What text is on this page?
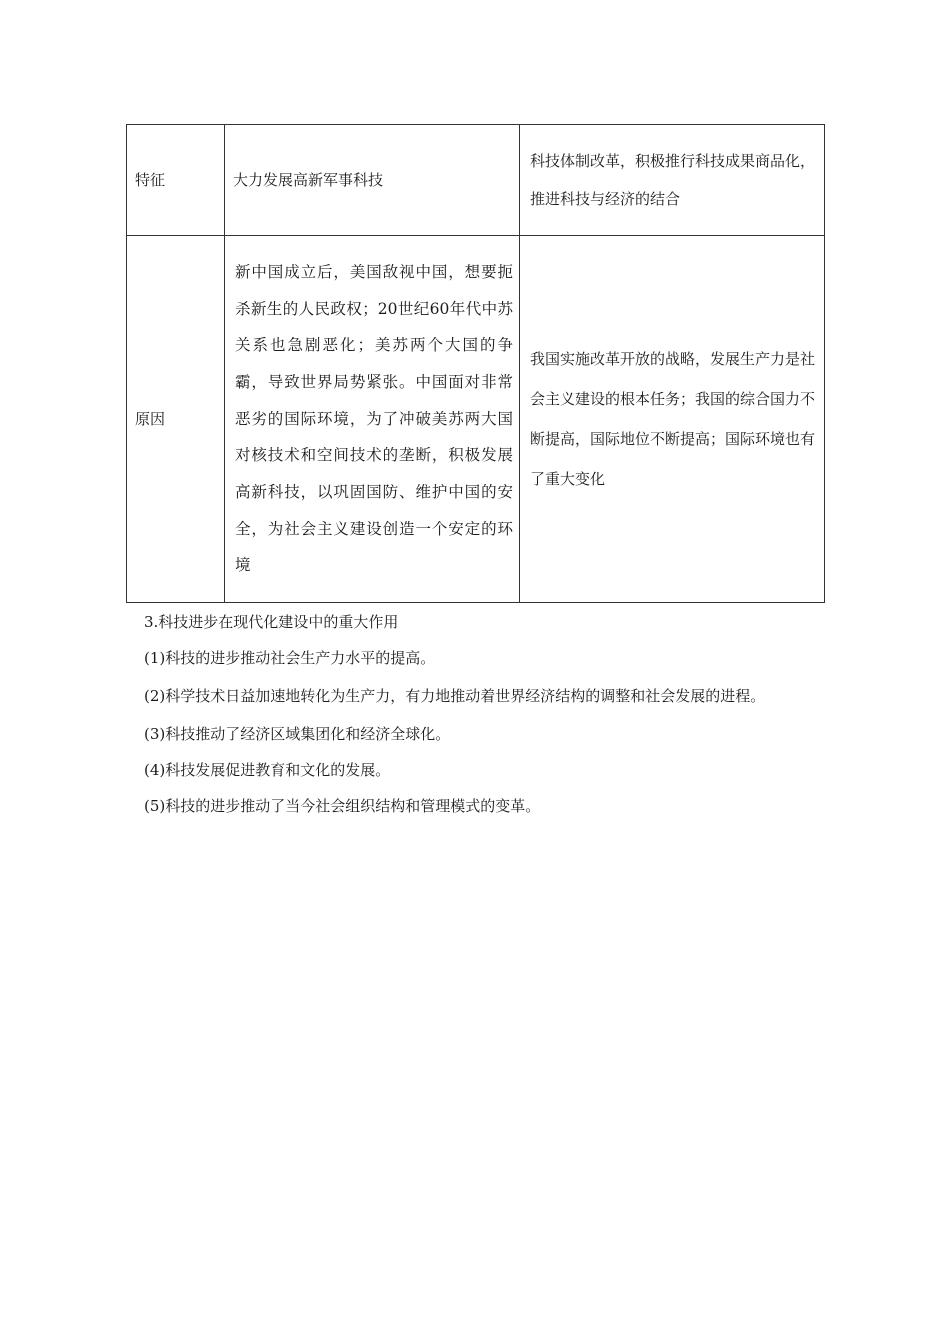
特征	大力发展高新军事科技	科技体制改革，积极推行科技成果商品化，推进科技与经济的结合
原因	新中国成立后，美国敌视中国，想要扼杀新生的人民政权；20世纪60年代中苏关系也急剧恶化；美苏两个大国的争霸，导致世界局势紧张。中国面对非常恶劣的国际环境，为了冲破美苏两大国对核技术和空间技术的垄断，积极发展高新科技，以巩固国防、维护中国的安全，为社会主义建设创造一个安定的环境	我国实施改革开放的战略，发展生产力是社会主义建设的根本任务；我国的综合国力不断提高，国际地位不断提高；国际环境也有了重大变化

3.科技进步在现代化建设中的重大作用

(1)科技的进步推动社会生产力水平的提高。

(2)科学技术日益加速地转化为生产力，有力地推动着世界经济结构的调整和社会发展的进程。

(3)科技推动了经济区域集团化和经济全球化。

(4)科技发展促进教育和文化的发展。

(5)科技的进步推动了当今社会组织结构和管理模式的变革。
